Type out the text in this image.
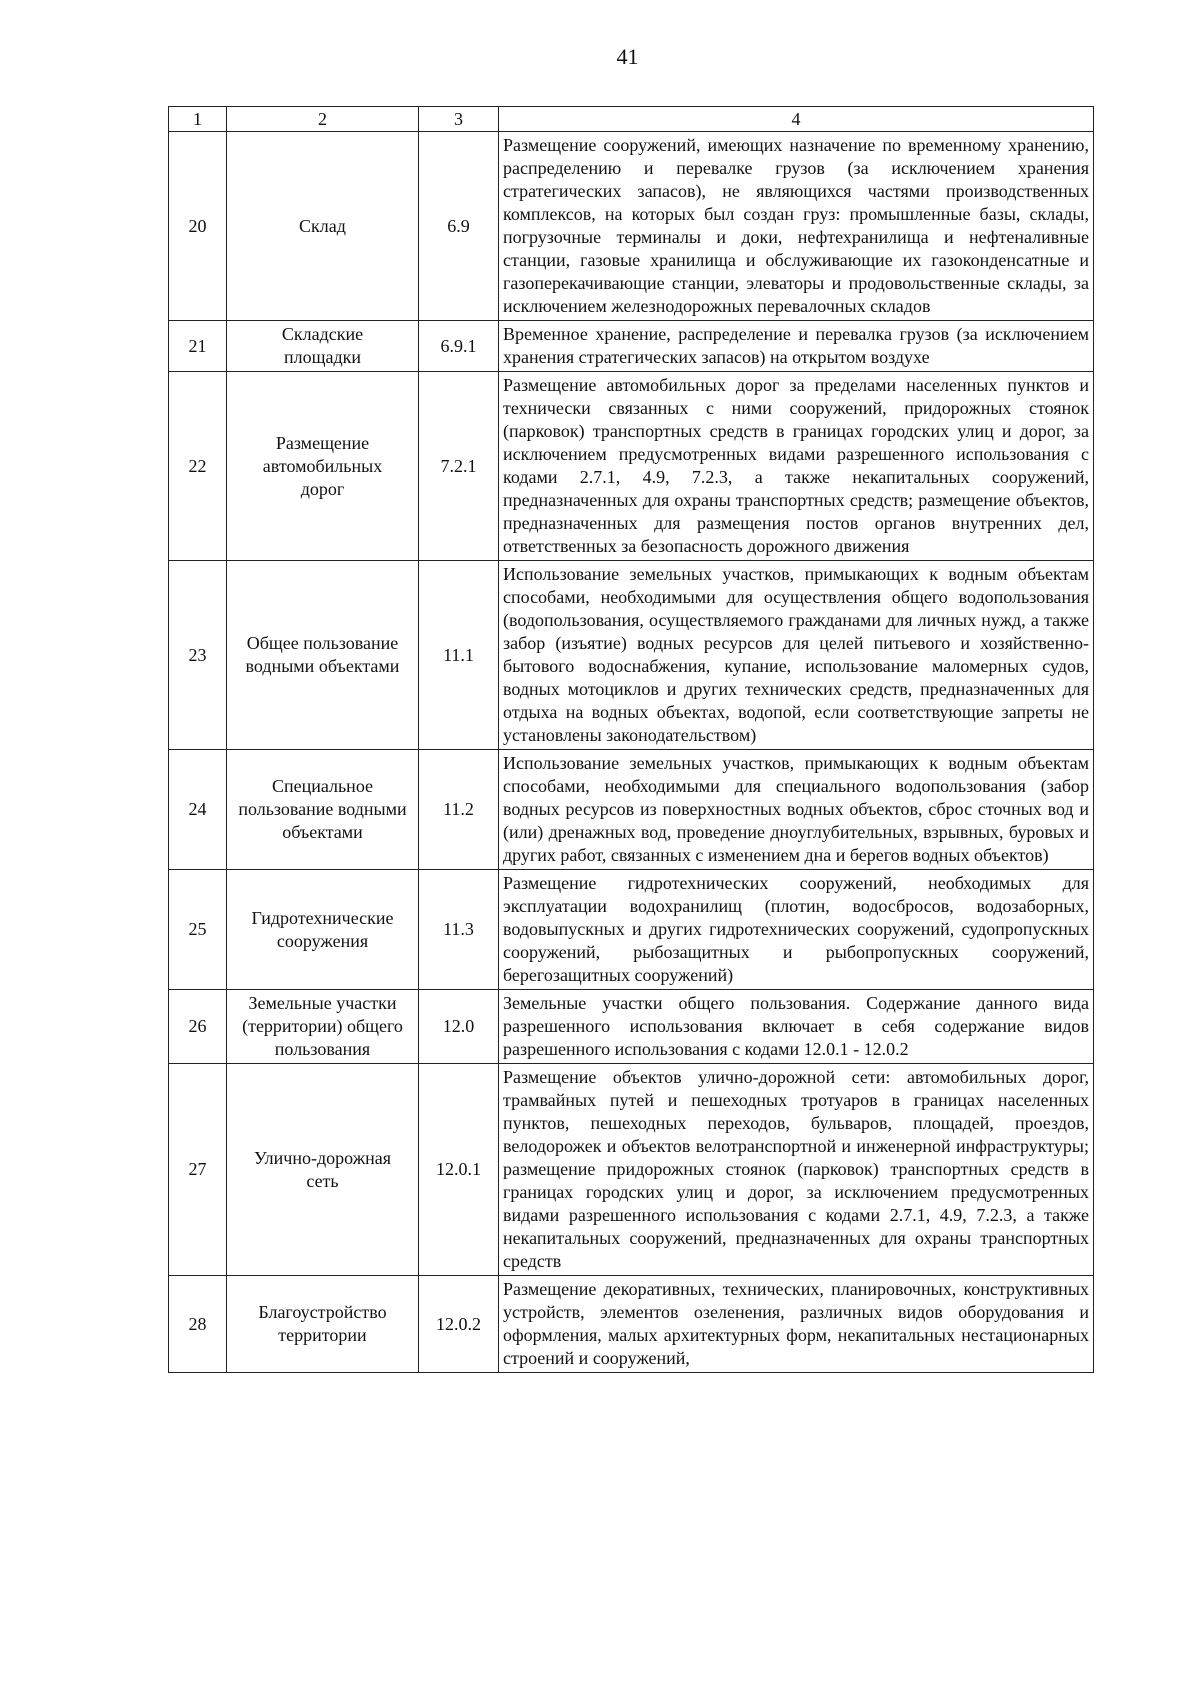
41
1	2	3	4
20	Склад	6.9	Размещение сооружений, имеющих назначение по временному хранению, распределению и перевалке грузов (за исключением хранения стратегических запасов), не являющихся частями производственных комплексов, на которых был создан груз: промышленные базы, склады, погрузочные терминалы и доки, нефтехранилища и нефтеналивные станции, газовые хранилища и обслуживающие их газоконденсатные и газоперекачивающие станции, элеваторы и продовольственные склады, за исключением железнодорожных перевалочных складов
21	Складские площадки	6.9.1	Временное хранение, распределение и перевалка грузов (за исключением хранения стратегических запасов) на открытом воздухе
22	Размещение автомобильных дорог	7.2.1	Размещение автомобильных дорог за пределами населенных пунктов и технически связанных с ними сооружений, придорожных стоянок (парковок) транспортных средств в границах городских улиц и дорог, за исключением предусмотренных видами разрешенного использования с кодами 2.7.1, 4.9, 7.2.3, а также некапитальных сооружений, предназначенных для охраны транспортных средств; размещение объектов, предназначенных для размещения постов органов внутренних дел, ответственных за безопасность дорожного движения
23	Общее пользование водными объектами	11.1	Использование земельных участков, примыкающих к водным объектам способами, необходимыми для осуществления общего водопользования (водопользования, осуществляемого гражданами для личных нужд, а также забор (изъятие) водных ресурсов для целей питьевого и хозяйственно-бытового водоснабжения, купание, использование маломерных судов, водных мотоциклов и других технических средств, предназначенных для отдыха на водных объектах, водопой, если соответствующие запреты не установлены законодательством)
24	Специальное пользование водными объектами	11.2	Использование земельных участков, примыкающих к водным объектам способами, необходимыми для специального водопользования (забор водных ресурсов из поверхностных водных объектов, сброс сточных вод и (или) дренажных вод, проведение дноуглубительных, взрывных, буровых и других работ, связанных с изменением дна и берегов водных объектов)
25	Гидротехнические сооружения	11.3	Размещение гидротехнических сооружений, необходимых для эксплуатации водохранилищ (плотин, водосбросов, водозаборных, водовыпускных и других гидротехнических сооружений, судопропускных сооружений, рыбозащитных и рыбопропускных сооружений, берегозащитных сооружений)
26	Земельные участки (территории) общего пользования	12.0	Земельные участки общего пользования. Содержание данного вида разрешенного использования включает в себя содержание видов разрешенного использования с кодами 12.0.1 - 12.0.2
27	Улично-дорожная сеть	12.0.1	Размещение объектов улично-дорожной сети: автомобильных дорог, трамвайных путей и пешеходных тротуаров в границах населенных пунктов, пешеходных переходов, бульваров, площадей, проездов, велодорожек и объектов велотранспортной и инженерной инфраструктуры; размещение придорожных стоянок (парковок) транспортных средств в границах городских улиц и дорог, за исключением предусмотренных видами разрешенного использования с кодами 2.7.1, 4.9, 7.2.3, а также некапитальных сооружений, предназначенных для охраны транспортных средств
28	Благоустройство территории	12.0.2	Размещение декоративных, технических, планировочных, конструктивных устройств, элементов озеленения, различных видов оборудования и оформления, малых архитектурных форм, некапитальных нестационарных строений и сооружений,
